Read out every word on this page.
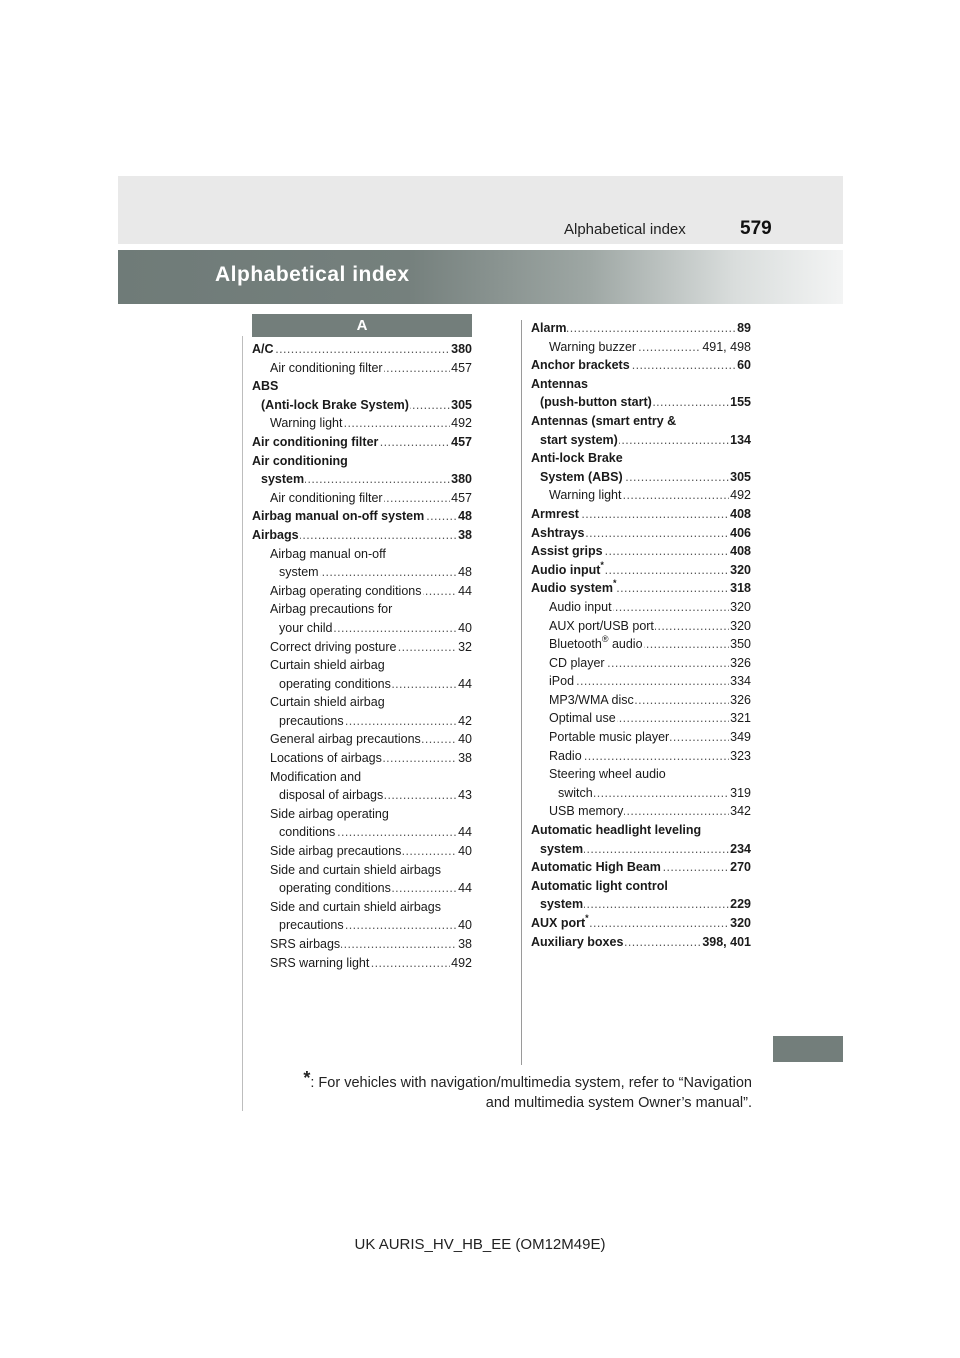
Alphabetical index	579
Alphabetical index
A
A/C	380
.....
Air conditioning filter	457
.....
ABS
(Anti-lock Brake System)	305
.....
Warning light	492
.....
Air conditioning filter	457
.....
Air conditioning
system	380
.....
Air conditioning filter	457
.....
Airbag manual on-off system	48
.....
Airbags	38
.....
Airbag manual on-off
system	48
.....
Airbag operating conditions	44
.....
Airbag precautions for
your child	40
.....
Correct driving posture	32
.....
Curtain shield airbag
operating conditions	44
.....
Curtain shield airbag
precautions	42
.....
General airbag precautions	40
.....
Locations of airbags	38
.....
Modification and
disposal of airbags	43
.....
Side airbag operating
conditions	44
.....
Side airbag precautions	40
.....
Side and curtain shield airbags
operating conditions	44
.....
Side and curtain shield airbags
precautions	40
.....
SRS airbags	38
.....
SRS warning light	492
.....
Alarm	89
.....
Warning buzzer	491, 498
.....
Anchor brackets	60
.....
Antennas
(push-button start)	155
.....
Antennas (smart entry &
start system)	134
.....
Anti-lock Brake
System (ABS)	305
.....
Warning light	492
.....
Armrest	408
.....
Ashtrays	406
.....
Assist grips	408
.....
Audio input*	320
.....
Audio system*	318
.....
Audio input	320
.....
AUX port/USB port	320
.....
Bluetooth® audio	350
.....
CD player	326
.....
iPod	334
.....
MP3/WMA disc	326
.....
Optimal use	321
.....
Portable music player	349
.....
Radio	323
.....
Steering wheel audio
switch	319
.....
USB memory	342
.....
Automatic headlight leveling
system	234
.....
Automatic High Beam	270
.....
Automatic light control
system	229
.....
AUX port*	320
.....
Auxiliary boxes	398, 401
.....
*: For vehicles with navigation/multimedia system, refer to “Navigation
and multimedia system Owner’s manual”.
UK AURIS_HV_HB_EE (OM12M49E)
